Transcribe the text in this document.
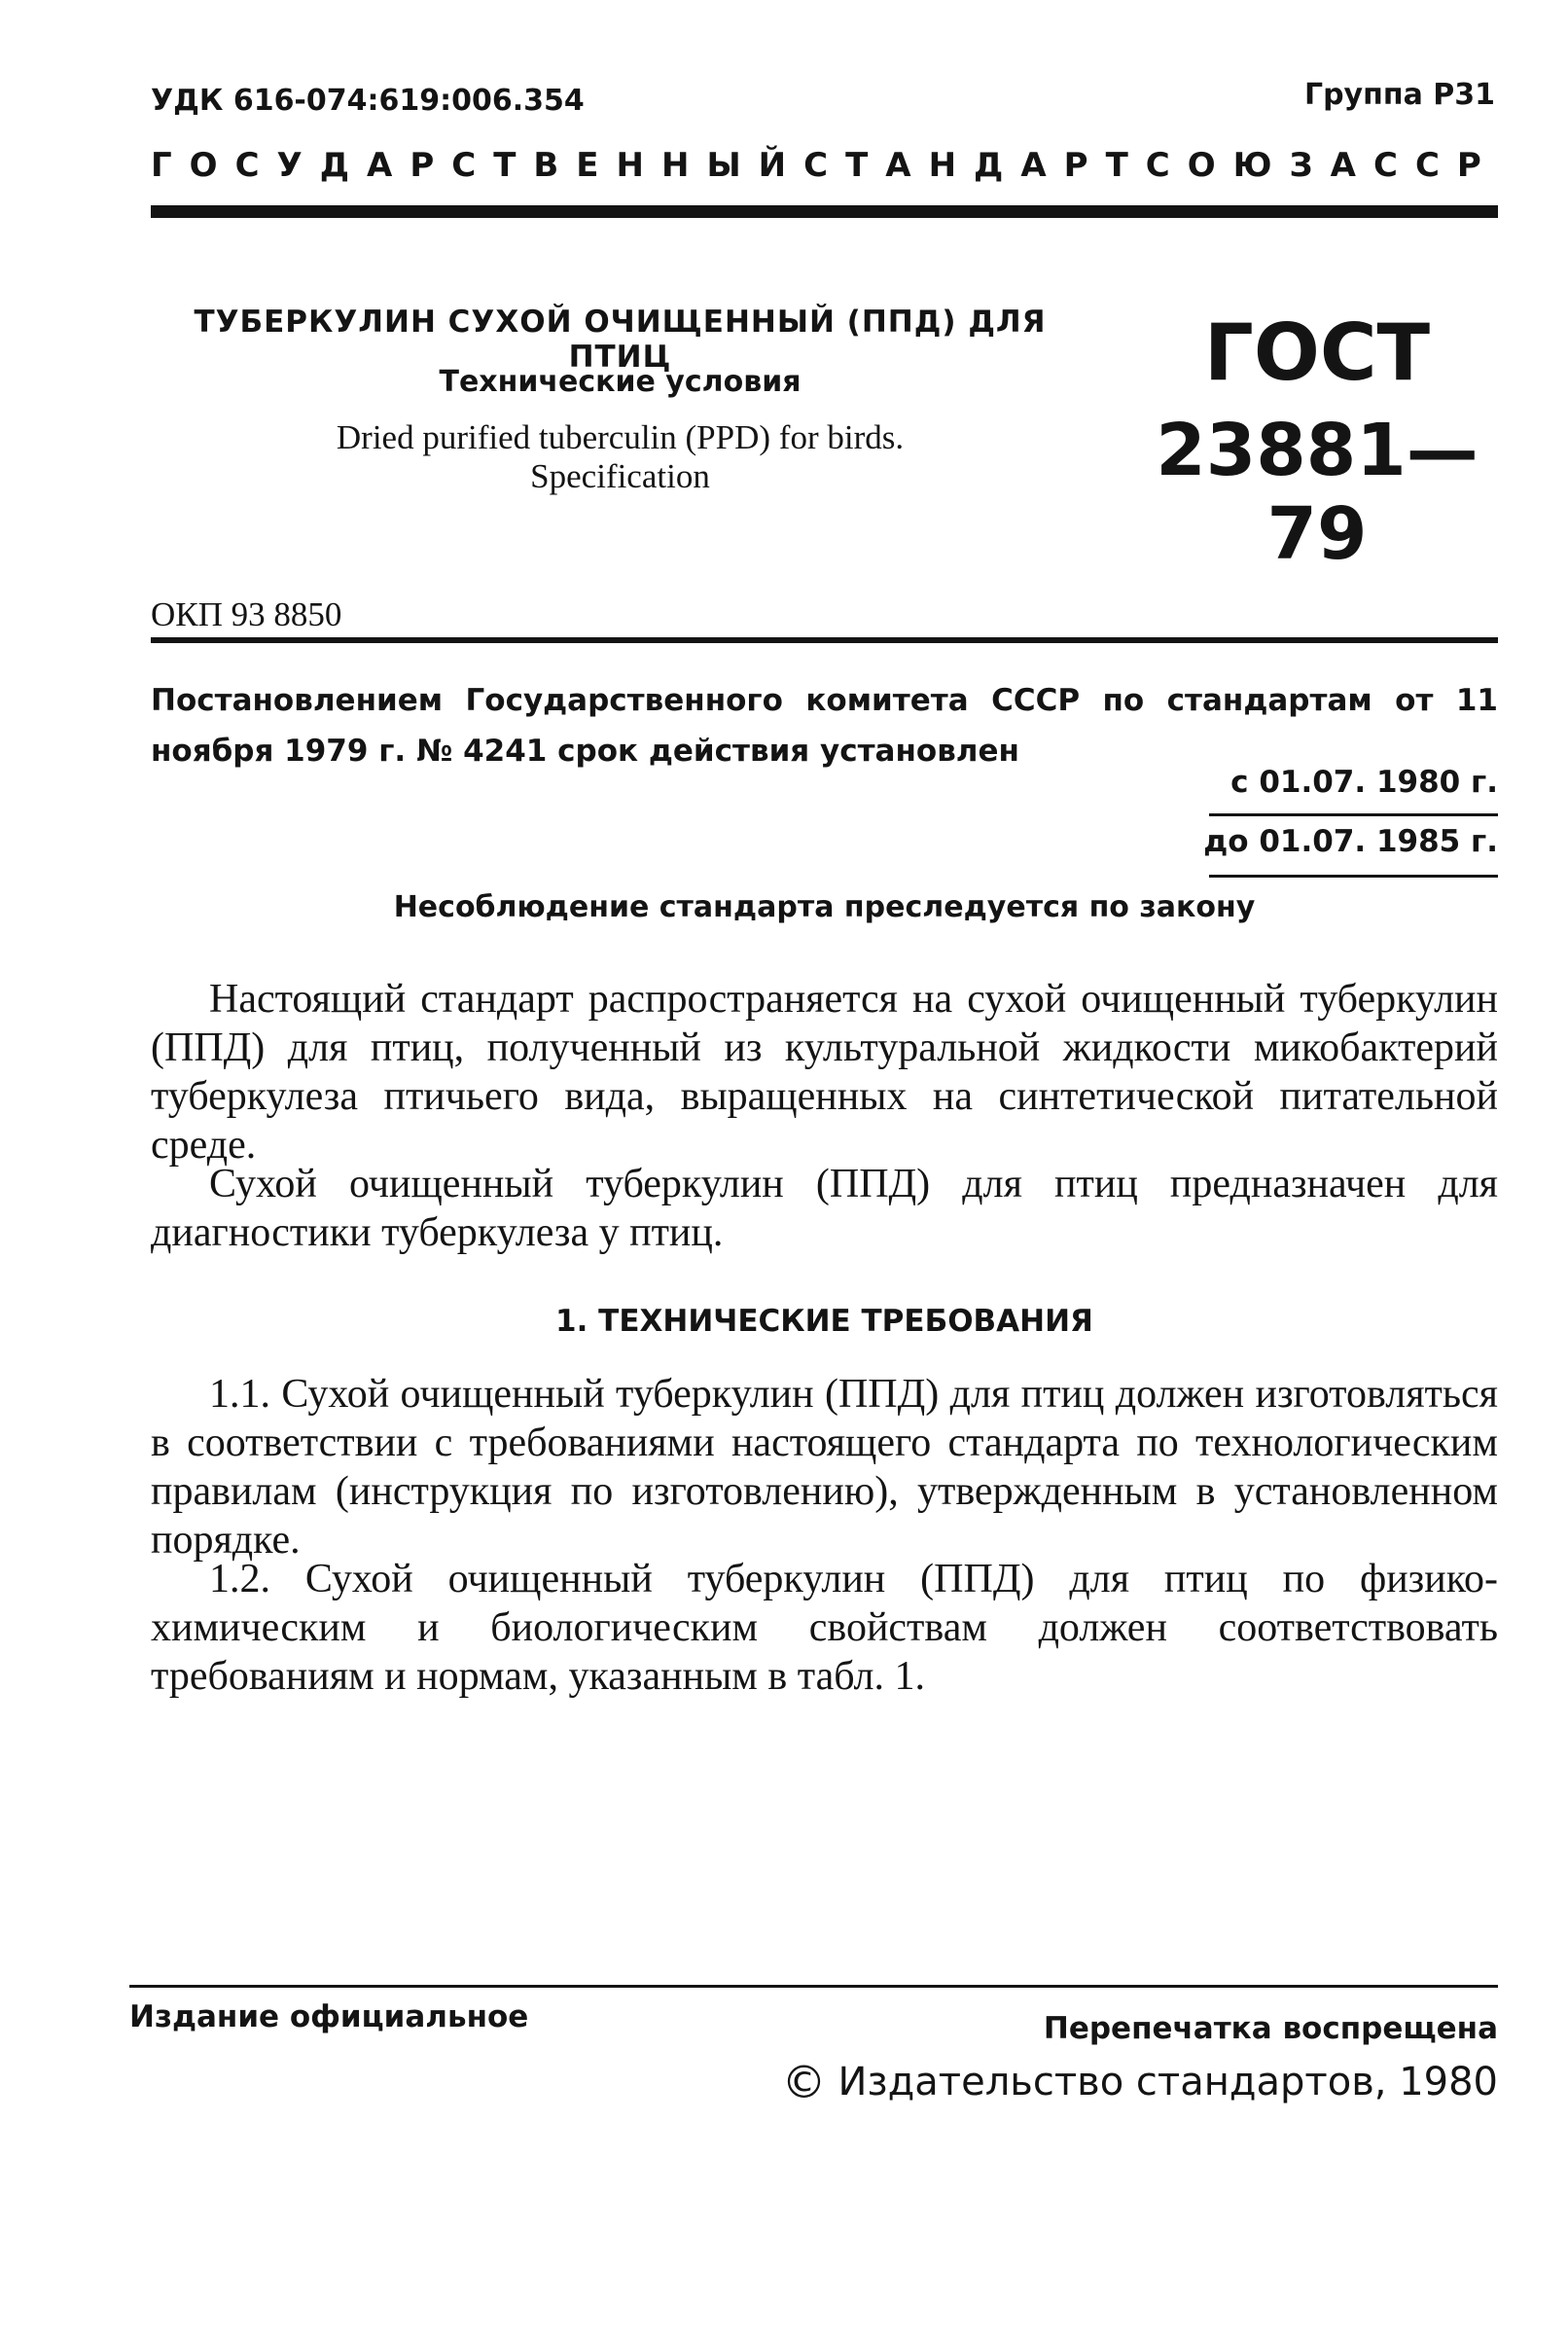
УДК 616-074:619:006.354	Группа Р31
ГОСУДАРСТВЕННЫЙ СТАНДАРТ СОЮЗА ССР
ТУБЕРКУЛИН СУХОЙ ОЧИЩЕННЫЙ (ППД) ДЛЯ ПТИЦ
Технические условия
Dried purified tuberculin (PPD) for birds.
Specification
ГОСТ
23881—79
ОКП 93 8850
Постановлением Государственного комитета СССР по стандартам от 11 ноября 1979 г. № 4241 срок действия установлен
с 01.07. 1980 г.
до 01.07. 1985 г.
Несоблюдение стандарта преследуется по закону
Настоящий стандарт распространяется на сухой очищенный туберкулин (ППД) для птиц, полученный из культуральной жидкости микобактерий туберкулеза птичьего вида, выращенных на синтетической питательной среде.
Сухой очищенный туберкулин (ППД) для птиц предназначен для диагностики туберкулеза у птиц.
1. ТЕХНИЧЕСКИЕ ТРЕБОВАНИЯ
1.1. Сухой очищенный туберкулин (ППД) для птиц должен изготовляться в соответствии с требованиями настоящего стандарта по технологическим правилам (инструкция по изготовлению), утвержденным в установленном порядке.
1.2. Сухой очищенный туберкулин (ППД) для птиц по физико-химическим и биологическим свойствам должен соответствовать требованиям и нормам, указанным в табл. 1.
Издание официальное	Перепечатка воспрещена
© Издательство стандартов, 1980
